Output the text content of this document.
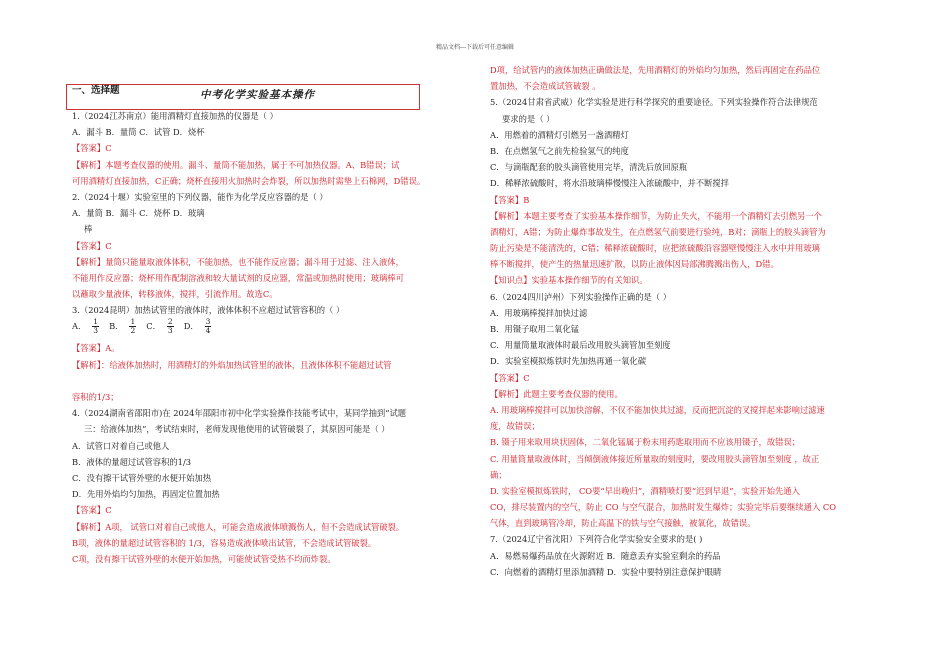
精品文档---下载后可任意编辑
一、选择题	中考化学实验基本操作
1.（2024江苏南京）能用酒精灯直接加热的仪器是（ ）
A．漏斗 B．量筒 C．试管 D．烧杯
【答案】C
【解析】本题考查仪器的使用。漏斗、量筒不能加热，属于不可加热仪器。A、B错误；试
可用酒精灯直接加热，C正确；烧杯直接用火加热时会炸裂，所以加热时需垫上石棉网，D错误。
2.（2024十堰）实验室里的下列仪器，能作为化学反应容器的是（ ）
A．量筒 B．漏斗 C．烧杯 D．玻璃
棒
【答案】C
【解析】量筒只能量取液体体积，不能加热，也不能作反应器；漏斗用于过滤、注入液体，
不能用作反应器；烧杯用作配制溶液和较大量试剂的反应器，常温或加热时使用；玻璃棒可
以蘸取少量液体，转移液体，搅拌，引流作用。故选C。
3.（2024昆明）加热试管里的液体时，液体体积不应超过试管容积的（ ）
A． $\frac{1}{3}$ B． $\frac{1}{2}$ C． $\frac{2}{3}$ D． $\frac{3}{4}$
【答案】A。
【解析】：给液体加热时，用酒精灯的外焰加热试管里的液体，且液体体积不能超过试管
容积的1/3；
4.（2024湖南省邵阳市)在 2024年邵阳市初中化学实验操作技能考试中，某同学抽到“试题
三：给液体加热”，考试结束时，老师发现他使用的试管破裂了，其原因可能是（ ）
A．试管口对着自己或他人
B．液体的量超过试管容积的1/3
C．没有擦干试管外壁的水便开始加热
D．先用外焰均匀加热，再固定位置加热
【答案】C
【解析】A项， 试管口对着自己或他人，可能会造成液体喷溅伤人，但不会造成试管破裂。
B项，液体的量超过试管容积的 1/3，容易造成液体喷出试管，不会造成试管破裂。
C项，没有擦干试管外壁的水便开始加热，可能使试管受热不均而炸裂。
D项，给试管内的液体加热正确做法是，先用酒精灯的外焰均匀加热，然后再固定在药品位
置加热，不会造成试管破裂 。
5.（2024甘肃省武威）化学实验是进行科学探究的重要途径。下列实验操作符合法律规范
要求的是（ ）
A．用燃着的酒精灯引燃另一盏酒精灯
B．在点燃氢气之前先检验氢气的纯度
C．与滴瓶配套的胶头滴管使用完毕，清洗后放回原瓶
D．稀释浓硫酸时，将水沿玻璃棒慢慢注入浓硫酸中，并不断搅拌
【答案】B
【解析】本题主要考查了实验基本操作细节，为防止失火，不能用一个酒精灯去引燃另一个
酒精灯，A错；为防止爆炸事故发生，在点燃氢气前要进行验纯，B对；滴瓶上的胶头滴管为
防止污染是不能清洗的，C错；稀释浓硫酸时，应把浓硫酸沿容器壁慢慢注入水中并用玻璃
棒不断搅拌，使产生的热量迅速扩散，以防止液体因局部沸腾溅出伤人，D错。
【知识点】实验基本操作细节的有关知识。
6.（2024四川泸州）下列实验操作正确的是（ ）
A．用玻璃棒搅拌加快过滤
B．用镊子取用二氧化锰
C．用量筒量取液体时最后改用胶头滴管加至刻度
D．实验室模拟炼铁时先加热再通一氧化碳
【答案】C
【解析】此题主要考查仪器的使用。
A. 用玻璃棒搅拌可以加快溶解，不仅不能加快其过滤，反而把沉淀的叉搅拌起来影响过滤速
度，故错误；
B. 镊子用来取用块状固体，二氧化锰属于粉末用药匙取用而不应该用镊子，故错误；
C. 用量筒量取液体时，当倾倒液体接近所量取的刻度时，要改用胶头滴管加至刻度 ，故正
确；
D. 实验室模拟炼铁时， CO要“早出晚归”，酒精喷灯要“迟到早退”，实验开始先通入
CO，排尽装置内的空气，防止 CO 与空气混合，加热时发生爆炸；实验完毕后要继续通入 CO
气体，直到玻璃管冷却，防止高温下的铁与空气接触，被氧化，故错误。
7.（2024辽宁省沈阳）下列符合化学实验安全要求的是( )
A．易燃易爆药品放在火源附近 B．随意丢弃实验室剩余的药品
C．向燃着的酒精灯里添加酒精 D．实验中要特别注意保护眼睛
